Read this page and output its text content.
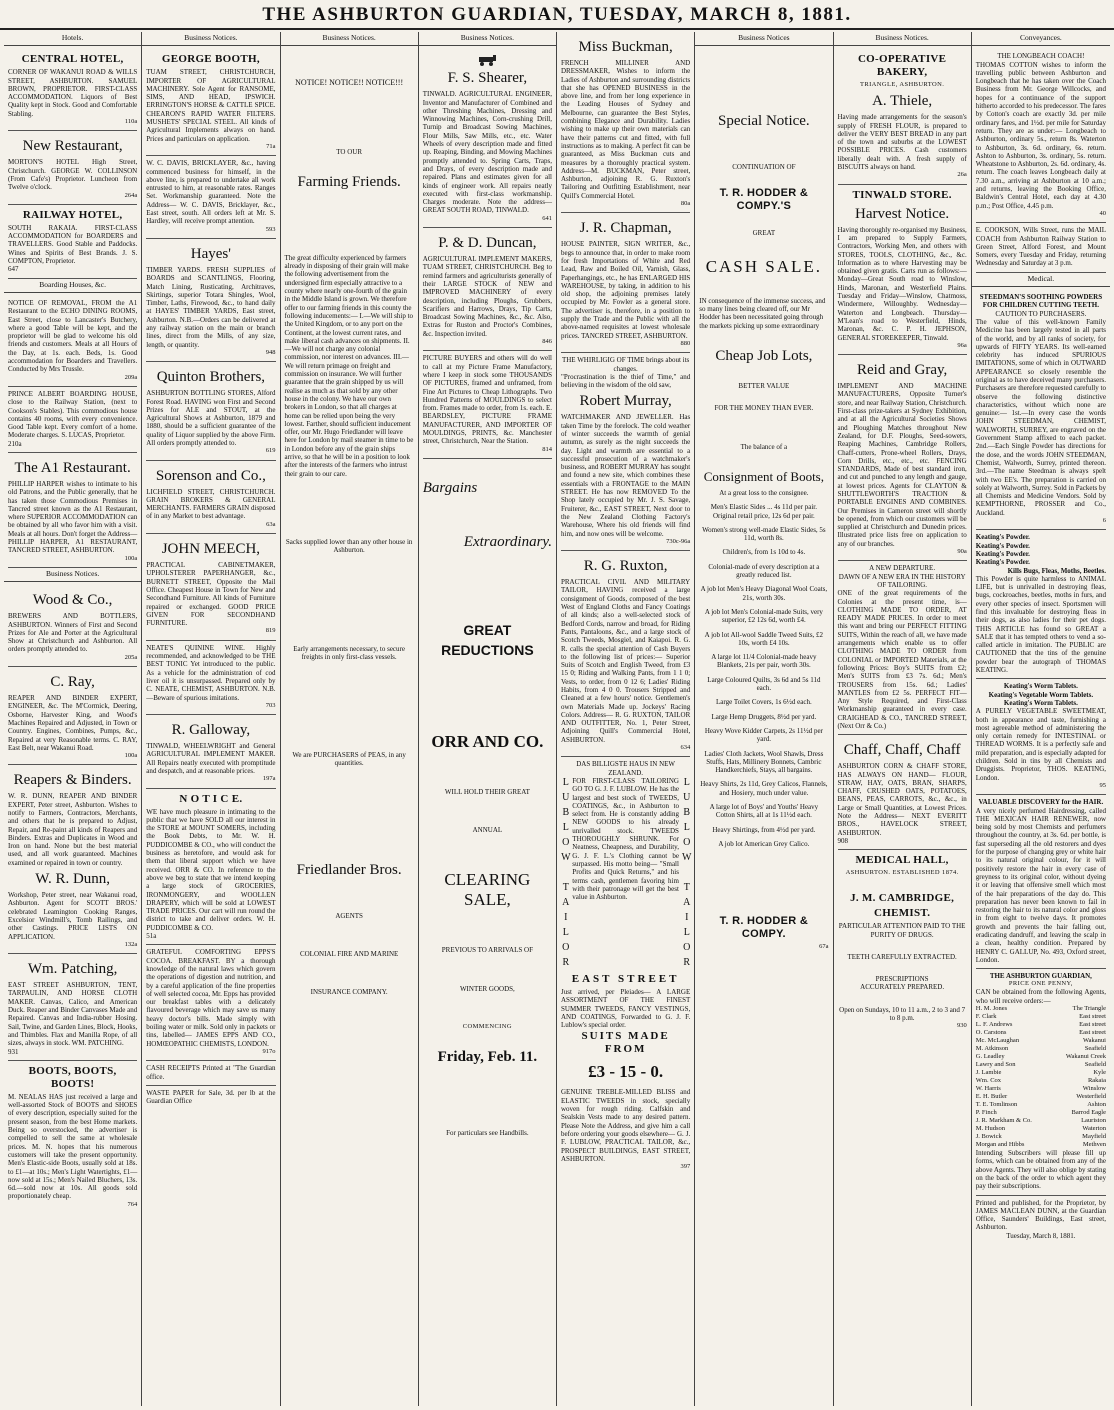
THE ASHBURTON GUARDIAN, TUESDAY, MARCH 8, 1881.
Hotels.
CENTRAL HOTEL,
CORNER OF WAKANUI ROAD & WILLS STREET, ASHBURTON. SAMUEL BROWN, PROPRIETOR. FIRST-CLASS ACCOMMODATION. Liquors of Best Quality kept in Stock. Good and Comfortable Stabling.
110a
New Restaurant,
MORTON'S HOTEL High Street, Christchurch. GEORGE W. COLLINSON (From Cafe's) Proprietor. Luncheon from Twelve o'clock.
264a
RAILWAY HOTEL,
SOUTH RAKAIA. FIRST-CLASS ACCOMMODATION for BOARDERS and TRAVELLERS. Good Stable and Paddocks. Wines and Spirits of Best Brands. J. S. COMPTON, Proprietor.
647
Boarding Houses, &c.
NOTICE OF REMOVAL, FROM the A1 Restaurant to the ECHO DINING ROOMS, East Street, close to Lancaster's Butchery, where a good Table will be kept, and the proprietor will be glad to welcome his old friends and customers. Meals at all Hours of the Day, at 1s. each. Beds, 1s. Good accommodation for Boarders and Travellers. Conducted by Mrs Trussle.
209a
PRINCE ALBERT BOARDING HOUSE, close to the Railway Station, (next to Cookson's Stables). This commodious house contains 40 rooms, with every convenience. Good Table kept. Every comfort of a home. Moderate charges. S. LUCAS, Proprietor.
210a
The A1 Restaurant.
PHILLIP HARPER wishes to intimate to his old Patrons, and the Public generally, that he has taken those Commodious Premises in Tancred street known as the A1 Restaurant, where SUPERIOR ACCOMMODATION can be obtained by all who favor him with a visit. Meals at all hours. Don't forget the Address— PHILLIP HARPER, A1 RESTAURANT, TANCRED STREET, ASHBURTON.
100a
Business Notices.
Wood & Co.,
BREWERS AND BOTTLERS, ASHBURTON. Winners of First and Second Prizes for Ale and Porter at the Agricultural Show at Christchurch and Ashburton. All orders promptly attended to.
205a
C. Ray,
REAPER AND BINDER EXPERT, ENGINEER, &c. The M'Cormick, Deering, Osborne, Harvester King, and Wood's Machines Repaired and Adjusted, in Town or Country. Engines, Combines, Pumps, &c., Repaired at very Reasonable terms. C. RAY, East Belt, near Wakanui Road.
100a
Reapers & Binders.
W. R. DUNN, REAPER AND BINDER EXPERT, Peter street, Ashburton. Wishes to notify to Farmers, Contractors, Merchants, and others that he is prepared to Adjust, Repair, and Re-paint all kinds of Reapers and Binders. Extras and Duplicates in Wood and Iron on hand. None but the best material used, and all work guaranteed. Machines examined or repaired in town or country.
W. R. Dunn,
Workshop, Peter street, near Wakanui road, Ashburton. Agent for SCOTT BROS.' celebrated Leamington Cooking Ranges, Excelsior Windmill's, Tomb Railings, and other Castings. PRICE LISTS ON APPLICATION.
132a
Wm. Patching,
EAST STREET ASHBURTON, TENT, TARPAULIN, AND HORSE CLOTH MAKER. Canvas, Calico, and American Duck. Reaper and Binder Canvases Made and Repaired. Canvas and India-rubber Hosing. Sail, Twine, and Garden Lines, Block, Hooks, and Thimbles. Flax and Manilla Rope, of all sizes, always in stock. WM. PATCHING.
931
BOOTS, BOOTS, BOOTS!
M. NEALAS HAS just received a large and well-assorted Stock of BOOTS and SHOES of every description, especially suited for the present season, from the best Home markets. Being so overstocked, the advertiser is compelled to sell the same at wholesale prices. M. N. hopes that his numerous customers will take the present opportunity. Men's Elastic-side Boots, usually sold at 18s. to £1—at 10s.; Men's Light Watertights, £1—now sold at 15s.; Men's Nailed Bluchers, 13s. 6d.—sold now at 10s. All goods sold proportionately cheap.
764
Business Notices.
GEORGE BOOTH,
TUAM STREET, CHRISTCHURCH, IMPORTER OF AGRICULTURAL MACHINERY. Sole Agent for RANSOME, SIMS, AND HEAD, IPSWICH. ERRINGTON'S HORSE & CATTLE SPICE. CHEARON'S RAPID WATER FILTERS. MUSHETS' SPECIAL STEEL. All kinds of Agricultural Implements always on hand. Prices and particulars on application.
71a
W. C. DAVIS, BRICKLAYER, &c., having commenced business for himself, in the above line, is prepared to undertake all work entrusted to him, at reasonable rates. Ranges Set. Workmanship guaranteed. Note the Address— W. C. DAVIS, Bricklayer, &c., East street, south. All orders left at Mr. S. Hardley, will receive prompt attention.
593
Hayes'
TIMBER YARDS. FRESH SUPPLIES of BOARDS and SCANTLINGS, Flooring, Match Lining, Rusticating, Architraves, Skirtings, superior Totara Shingles, Wool, Timber, Laths, Firewood, &c., to hand daily at HAYES' TIMBER YARDS, East street, Ashburton. N.B.—Orders can be delivered at any railway station on the main or branch lines, direct from the Mills, of any size, length, or quantity.
948
Quinton Brothers,
ASHBURTON BOTTLING STORES, Alford Forest Road. HAVING won First and Second Prizes for ALE and STOUT, at the Agricultural Shows at Ashburton, 1879 and 1880, should be a sufficient guarantee of the quality of Liquor supplied by the above Firm. All orders promptly attended to.
619
Sorenson and Co.,
LICHFIELD STREET, CHRISTCHURCH. GRAIN BROKERS & GENERAL MERCHANTS. FARMERS GRAIN disposed of in any Market to best advantage.
63a
JOHN MEECH,
PRACTICAL CABINETMAKER, UPHOLSTERER PAPERHANGER, &c., BURNETT STREET, Opposite the Mail Office. Cheapest House in Town for New and Secondhand Furniture. All kinds of Furniture repaired or exchanged. GOOD PRICE GIVEN FOR SECONDHAND FURNITURE.
819
NEATE'S QUININE WINE. Highly recommended, and acknowledged to be THE BEST TONIC Yet introduced to the public. As a vehicle for the administration of cod liver oil it is unsurpassed. Prepared only by C. NEATE, CHEMIST, ASHBURTON. N.B.—Beware of spurious imitations.
703
R. Galloway,
TINWALD, WHEELWRIGHT and General AGRICULTURAL IMPLEMENT MAKER. All Repairs neatly executed with promptitude and despatch, and at reasonable prices.
197a
N O T I C E.
WE have much pleasure in intimating to the public that we have SOLD all our interest in the STORE at MOUNT SOMERS, including the Book Debts, to Mr. W. H. PUDDICOMBE & CO., who will conduct the business as heretofore, and would ask for them that liberal support which we have received. ORR & CO. In reference to the above we beg to state that we intend keeping a large stock of GROCERIES, IRONMONGERY, and WOOLLEN DRAPERY, which will be sold at LOWEST TRADE PRICES. Our cart will run round the district to take and deliver orders. W. H. PUDDICOMBE & CO.
51a
GRATEFUL COMFORTING EPPS'S COCOA. BREAKFAST. BY a thorough knowledge of the natural laws which govern the operations of digestion and nutrition, and by a careful application of the fine properties of well selected cocoa, Mr. Epps has provided our breakfast tables with a delicately flavoured beverage which may save us many heavy doctor's bills. Made simply with boiling water or milk. Sold only in packets or tins, labelled— JAMES EPPS AND CO., HOMŒOPATHIC CHEMISTS, LONDON.
917o
CASH RECEIPTS Printed at "The Guardian office.
WASTE PAPER for Sale, 3d. per lb at the Guardian Office
Business Notices.
NOTICE! NOTICE!! NOTICE!!!
TO OUR
Farming Friends.
The great difficulty experienced by farmers already in disposing of their grain will make the following advertisement from the undersigned firm especially attractive to a county where nearly one-fourth of the grain in the Middle Island is grown. We therefore offer to our farming friends in this county the following inducements:— I.—We will ship to the United Kingdom, or to any port on the Continent, at the lowest current rates, and make liberal cash advances on shipments. II.—We will not charge any colonial commission, nor interest on advances. III.—We will return primage on freight and commission on insurance. We will further guarantee that the grain shipped by us will realise as much as that sold by any other house in the colony. We have our own brokers in London, so that all charges at home can be relied upon being the very lowest. Farther, should sufficient inducement offer, our Mr. Hugo Friedlander will leave here for London by mail steamer in time to be in London before any of the grain ships arrive, so that he will be in a position to look after the interests of the farmers who intrust their grain to our care.
Sacks supplied lower than any other house in Ashburton.
Early arrangements necessary, to secure freights in only first-class vessels.
We are PURCHASERS of PEAS, in any quantities.
Friedlander Bros.
AGENTS
COLONIAL FIRE AND MARINE
INSURANCE COMPANY.
Business Notices.
F. S. Shearer,
TINWALD. AGRICULTURAL ENGINEER, Inventor and Manufacturer of Combined and other Threshing Machines, Dressing and Winnowing Machines, Corn-crushing Drill, Turnip and Broadcast Sowing Machines, Flour Mills, Saw Mills, etc., etc. Water Wheels of every description made and fitted up. Reaping, Binding, and Mowing Machines promptly attended to. Spring Carts, Traps, and Drays, of every description made and repaired. Plans and estimates given for all kinds of engineer work. All repairs neatly executed with first-class workmanship. Charges moderate. Note the address— GREAT SOUTH ROAD, TINWALD.
641
P. & D. Duncan,
AGRICULTURAL IMPLEMENT MAKERS, TUAM STREET, CHRISTCHURCH. Beg to remind farmers and agriculturists generally of their LARGE STOCK of NEW and IMPROVED MACHINERY of every description, including Ploughs, Grubbers, Scarifiers and Harrows, Drays, Tip Carts, Broadcast Sowing Machines, &c., &c. Also, Extras for Ruston and Proctor's Combines, &c. Inspection invited.
846
PICTURE BUYERS and others will do well to call at my Picture Frame Manufactory, where I keep in stock some THOUSANDS OF PICTURES, framed and unframed, from Fine Art Pictures to Cheap Lithographs. Two Hundred Patterns of MOULDINGS to select from. Frames made to order, from 1s. each. E. BEARDSLEY, PICTURE FRAME MANUFACTURER, AND IMPORTER OF MOULDINGS, PRINTS, &c. Manchester street, Christchurch, Near the Station.
814
Bargains
Extraordinary.
GREAT REDUCTIONS
ORR AND CO.
WILL HOLD THEIR GREAT
ANNUAL
CLEARING SALE,
PREVIOUS TO ARRIVALS OF
WINTER GOODS,
COMMENCING
Friday, Feb. 11.
For particulars see Handbills.
Miss Buckman,
FRENCH MILLINER AND DRESSMAKER, Wishes to inform the Ladies of Ashburton and surrounding districts that she has OPENED BUSINESS in the above line, and from her long experience in the Leading Houses of Sydney and Melbourne, can guarantee the Best Styles, combining Elegance and Durability. Ladies wishing to make up their own materials can have their patterns cut and fitted, with full instructions as to making. A perfect fit can be guaranteed, as Miss Buckman cuts and measures by a thoroughly practical system. Address—M. BUCKMAN, Peter street, Ashburton, adjoining R. G. Ruxton's Tailoring and Outfitting Establishment, near Quill's Commercial Hotel.
80a
J. R. Chapman,
HOUSE PAINTER, SIGN WRITER, &c., begs to announce that, in order to make room for fresh Importations of White and Red Lead, Raw and Boiled Oil, Varnish, Glass, Paperhangings, etc., he has ENLARGED HIS WAREHOUSE, by taking, in addition to his old shop, the adjoining premises lately occupied by Mr. Fowler as a general store. The advertiser is, therefore, in a position to supply the Trade and the Public with all the above-named requisites at lowest wholesale prices. TANCRED STREET, ASHBURTON.
880
THE WHIRLIGIG OF TIME brings about its changes.
"Procrastination is the thief of Time," and believing in the wisdom of the old saw,
Robert Murray,
WATCHMAKER AND JEWELLER. Has taken Time by the forelock. The cold weather of winter succeeds the warmth of genial autumn, as surely as the night succeeds the day. Light and warmth are essential to a successful prosecution of a watchmaker's business, and ROBERT MURRAY has sought and found a new site, which combines these essentials with a FRONTAGE to the MAIN STREET. He has now REMOVED To the Shop lately occupied by Mr. J. S. Savage, Fruiterer, &c., EAST STREET, Next door to the New Zealand Clothing Factory's Warehouse, Where his old friends will find him, and now ones will be welcome.
730c-96a
R. G. Ruxton,
PRACTICAL CIVIL AND MILITARY TAILOR, HAVING received a large consignment of Goods, composed of the best West of England Cloths and Fancy Coatings of all kinds; also a well-selected stock of Bedford Cords, narrow and broad, for Riding Pants, Pantaloons, &c., and a large stock of Scotch Tweeds, Mosgiel, and Kaiapoi. R. G. R. calls the special attention of Cash Buyers to the following list of prices:— Superior Suits of Scotch and English Tweed, from £3 15 0; Riding and Walking Pants, from 1 1 0; Vests, to order, from 0 12 6; Ladies' Riding Habits, from 4 0 0. Trousers Stripped and Cleaned at a few hours' notice. Gentlemen's own Materials Made up. Jockeys' Racing Colors. Address— R. G. RUXTON, TAILOR AND OUTFITTER, No. 1, Peter Street, Adjoining Quill's Commercial Hotel, ASHBURTON.
634
DAS BILLIGSTE HAUS IN NEW ZEALAND.
LUBLOW TAILOR FOR FIRST-CLASS TAILORING GO TO G. J. F. LUBLOW. He has the largest and best stock of TWEEDS, COATINGS, &c., in Ashburton to select from. He is constantly adding NEW GOODS to his already unrivalled stock. TWEEDS THOROUGHLY SHRUNK. For Neatness, Cheapness, and Durability, G. J. F. L.'s Clothing cannot be surpassed. His motto being— "Small Profits and Quick Returns," and his terms cash, gentlemen favoring him with their patronage will get the best value in Ashburton.	LUBLOW TAILOR
EAST STREET
Just arrived, per Pleiades— A LARGE ASSORTMENT OF THE FINEST SUMMER TWEEDS, FANCY VESTINGS, AND COATINGS, Forwarded to G. J. F. Lublow's special order.
SUITS MADE FROM
£3 - 15 - 0.
GENUINE TREBLE-MILLED BLISS and ELASTIC TWEEDS in stock, specially woven for rough riding. Calfskin and Sealskin Vests made to any desired pattern. Please Note the Address, and give him a call before ordering your goods elsewhere— G. J. F. LUBLOW, PRACTICAL TAILOR, &c., PROSPECT BUILDINGS, EAST STREET, ASHBURTON.
397
Business Notices
Special Notice.
CONTINUATION OF
T. R. HODDER & COMPY.'S
GREAT
CASH SALE.
IN consequence of the immense success, and so many lines being cleared off, our Mr Hodder has been necessitated going through the markets picking up some extraordinary
Cheap Job Lots,
BETTER VALUE
FOR THE MONEY THAN EVER.
The balance of a
Consignment of Boots,
At a great loss to the consignee.
Men's Elastic Sides ... 4s 11d per pair. Original retail price, 12s 6d per pair.
Women's strong well-made Elastic Sides, 5s 11d, worth 8s.
Children's, from 1s 10d to 4s.
Colonial-made of every description at a greatly reduced list.
A job lot Men's Heavy Diagonal Wool Coats, 21s, worth 30s.
A job lot Men's Colonial-made Suits, very superior, £2 12s 6d, worth £4.
A job lot All-wool Saddle Tweed Suits, £2 10s, worth £4 10s.
A large lot 11/4 Colonial-made heavy Blankets, 21s per pair, worth 30s.
Large Coloured Quilts, 3s 6d and 5s 11d each.
Large Toilet Covers, 1s 6½d each.
Large Hemp Druggets, 8½d per yard.
Heavy Wove Kidder Carpets, 2s 11½d per yard.
Ladies' Cloth Jackets, Wool Shawls, Dress Stuffs, Hats, Millinery Bonnets, Cambric Handkerchiefs, Stays, all bargains.
Heavy Shirts, 2s 11d, Grey Calicos, Flannels, and Hosiery, much under value.
A large lot of Boys' and Youths' Heavy Cotton Shirts, all at 1s 11½d each.
Heavy Shirtings, from 4½d per yard.
A job lot American Grey Calico.
T. R. HODDER & COMPY.
67a
Business Notices.
CO-OPERATIVE BAKERY,
TRIANGLE, ASHBURTON.
A. Thiele,
Having made arrangements for the season's supply of FRESH FLOUR, is prepared to deliver the VERY BEST BREAD in any part of the town and suburbs at the LOWEST POSSIBLE PRICES. Cash customers liberally dealt with. A fresh supply of BISCUITS always on hand.
26a
TINWALD STORE.
Harvest Notice.
Having thoroughly re-organised my Business, I am prepared to Supply Farmers, Contractors, Working Men, and others with STORES, TOOLS, CLOTHING, &c., &c. Information as to where Harvesting may be obtained given gratis. Carts run as follows:— Monday—Great South road to Winslow, Hinds, Maronan, and Westerfield Plains. Tuesday and Friday—Winslow, Chatmoss, Windermere, Willoughby. Wednesday—Waterton and Longbeach. Thursday—M'Lean's road to Westerfield, Hinds, Maronan, &c. C. P. H. JEPHSON, GENERAL STOREKEEPER, Tinwald.
96a
Reid and Gray,
IMPLEMENT AND MACHINE MANUFACTURERS, Opposite Turner's store, and near Railway Station, Christchurch. First-class prize-takers at Sydney Exhibition, and at all the Agricultural Societies Shows and Ploughing Matches throughout New Zealand, for D.F. Ploughs, Seed-sowers, Reaping Machines, Cambridge Rollers, Chaff-cutters, Prone-wheel Rollers, Drays, Corn Drills, etc., etc., etc. FENCING STANDARDS, Made of best standard iron, and cut and punched to any length and gauge, at lowest prices. Agents for CLAYTON & SHUTTLEWORTH'S TRACTION & PORTABLE ENGINES AND COMBINES. Our Premises in Cameron street will shortly be opened, from which our customers will be supplied at Christchurch and Dunedin prices. Illustrated price lists free on application to any of our branches.
90a
A NEW DEPARTURE.
DAWN OF A NEW ERA IN THE HISTORY OF TAILORING.
ONE of the great requirements of the Colonies at the present time, is— CLOTHING MADE TO ORDER, AT READY MADE PRICES. In order to meet this want and bring our PERFECT FITTING SUITS, Within the reach of all, we have made arrangements which enable us to offer CLOTHING MADE TO ORDER from COLONIAL or IMPORTED Materials, at the following Prices: Boy's SUITS from £2; Men's SUITS from £3 7s. 6d.; Men's TROUSERS from 15s. 6d.; Ladies' MANTLES from £2 5s. PERFECT FIT—Any Style Required, and First-Class Workmanship guaranteed in every case. CRAIGHEAD & CO., TANCRED STREET, (Next Orr & Co.)
Chaff, Chaff, Chaff
ASHBURTON CORN & CHAFF STORE, HAS ALWAYS ON HAND— FLOUR, STRAW, HAY, OATS, BRAN, SHARPS, CHAFF, CRUSHED OATS, POTATOES, BEANS, PEAS, CARROTS, &c., &c., in Large or Small Quantities, at Lowest Prices. Note the Address— NEXT EVERITT BROS., HAVELOCK STREET, ASHBURTON.
908
MEDICAL HALL,
ASHBURTON. ESTABLISHED 1874.
J. M. CAMBRIDGE,
CHEMIST.
PARTICULAR ATTENTION PAID TO THE PURITY OF DRUGS.
TEETH CAREFULLY EXTRACTED.
PRESCRIPTIONS
ACCURATELY PREPARED.
Open on Sundays, 10 to 11 a.m., 2 to 3 and 7 to 8 p.m.
930
Conveyances.
THE LONGBEACH COACH!
THOMAS COTTON wishes to inform the travelling public between Ashburton and Longbeach that he has taken over the Coach Business from Mr. George Willcocks, and hopes for a continuance of the support hitherto accorded to his predecessor. The fares by Cotton's coach are exactly 3d. per mile ordinary fares, and 1½d. per mile for Saturday return. They are as under:— Longbeach to Ashburton, ordinary 5s., return 8s. Waterton to Ashburton, 3s. 6d. ordinary, 6s. return. Ashton to Ashburton, 3s. ordinary, 5s. return. Wheatstone to Ashburton, 2s. 6d. ordinary, 4s. return. The coach leaves Longbeach daily at 7.30 a.m., arriving at Ashburton at 10 a.m.; and returns, leaving the Booking Office, Baldwin's Central Hotel, each day at 4.30 p.m.; Post Office, 4.45 p.m.
40
E. COOKSON, Wills Street, runs the MAIL COACH from Ashburton Railway Station to Green Street, Alford Forest, and Mount Somers, every Tuesday and Friday, returning Wednesday and Saturday at 3 p.m.
Medical.
STEEDMAN'S SOOTHING POWDERS FOR CHILDREN CUTTING TEETH.
CAUTION TO PURCHASERS.
The value of this well-known Family Medicine has been largely tested in all parts of the world, and by all ranks of society, for upwards of FIFTY YEARS. Its well-earned celebrity has induced SPURIOUS IMITATIONS, some of which in OUTWARD APPEARANCE so closely resemble the original as to have deceived many purchasers. Purchasers are therefore requested carefully to observe the following distinctive characteristics, without which none are genuine:— 1st.—In every case the words JOHN STEEDMAN, CHEMIST, WALWORTH, SURREY, are engraved on the Government Stamp affixed to each packet. 2nd.—Each Single Powder has directions for the dose, and the words JOHN STEEDMAN, Chemist, Walworth, Surrey, printed thereon. 3rd.—The name Steedman is always spelt with two EE's. The preparation is carried on solely at Walworth, Surrey. Sold in Packets by all Chemists and Medicine Vendors. Sold by KEMPTHORNE, PROSSER and Co., Auckland.
6
Keating's Powder.
Keating's Powder.
Keating's Powder.
Keating's Powder.
Kills Bugs, Fleas, Moths, Beetles.
This Powder is quite harmless to ANIMAL LIFE, but is unrivalled in destroying fleas, bugs, cockroaches, beetles, moths in furs, and every other species of insect. Sportsmen will find this invaluable for destroying fleas in their dogs, as also ladies for their pet dogs. THIS ARTICLE has found so GREAT a SALE that it has tempted others to vend a so-called article in imitation. The PUBLIC are CAUTIONED that the tins of the genuine powder bear the autograph of THOMAS KEATING.
Keating's Worm Tablets.
Keating's Vegetable Worm Tablets.
Keating's Worm Tablets.
A PURELY VEGETABLE SWEETMEAT, both in appearance and taste, furnishing a most agreeable method of administering the only certain remedy for INTESTINAL or THREAD WORMS. It is a perfectly safe and mild preparation, and is especially adapted for children. Sold in tins by all Chemists and Druggists. Proprietor, THOS. KEATING, London.
95
VALUABLE DISCOVERY for the HAIR.
A very nicely perfumed Hairdressing, called THE MEXICAN HAIR RENEWER, now being sold by most Chemists and perfumers throughout the country, at 3s. 6d. per bottle, is fast superseding all the old restorers and dyes for the purpose of changing grey or white hair to its natural original colour, for it will positively restore the hair in every case of greyness to its original color, without dyeing it or leaving that offensive smell which most of the hair preparations of the day do. This preparation has never been known to fail in restoring the hair to its natural color and gloss in from eight to twelve days. It promotes growth and prevents the hair falling out, eradicating dandruff, and leaving the scalp in a clean, healthy condition. Prepared by HENRY C. GALLUP, No. 493, Oxford street, London.
THE ASHBURTON GUARDIAN,
PRICE ONE PENNY,
CAN be obtained from the following Agents, who will receive orders:—
H. M. Jones	The Triangle
F. Clark	East street
L. F. Andrews	East street
O. Carstons	East street
Mc. McLaughan	Wakanui
M. Atkinson	Seafield
G. Leadley	Wakanui Creek
Lawry and Son	Seafield
J. Lambie	Kyle
Wm. Cox	Rakaia
W. Harris	Winslow
E. H. Butler	Westerfield
T. E. Tomlinson	Ashton
P. Finch	Barrod Eagle
J. R. Markham & Co.	Lauriston
M. Hudson	Waterton
J. Bowick	Mayfield
Morgan and Hibbs	Methven
Intending Subscribers will please fill up forms, which can be obtained from any of the above Agents. They will also oblige by stating on the back of the order to which agent they pay their subscriptions.
Printed and published, for the Proprietor, by JAMES MACLEAN DUNN, at the Guardian Office, Saunders' Buildings, East street, Ashburton.
Tuesday, March 8, 1881.
